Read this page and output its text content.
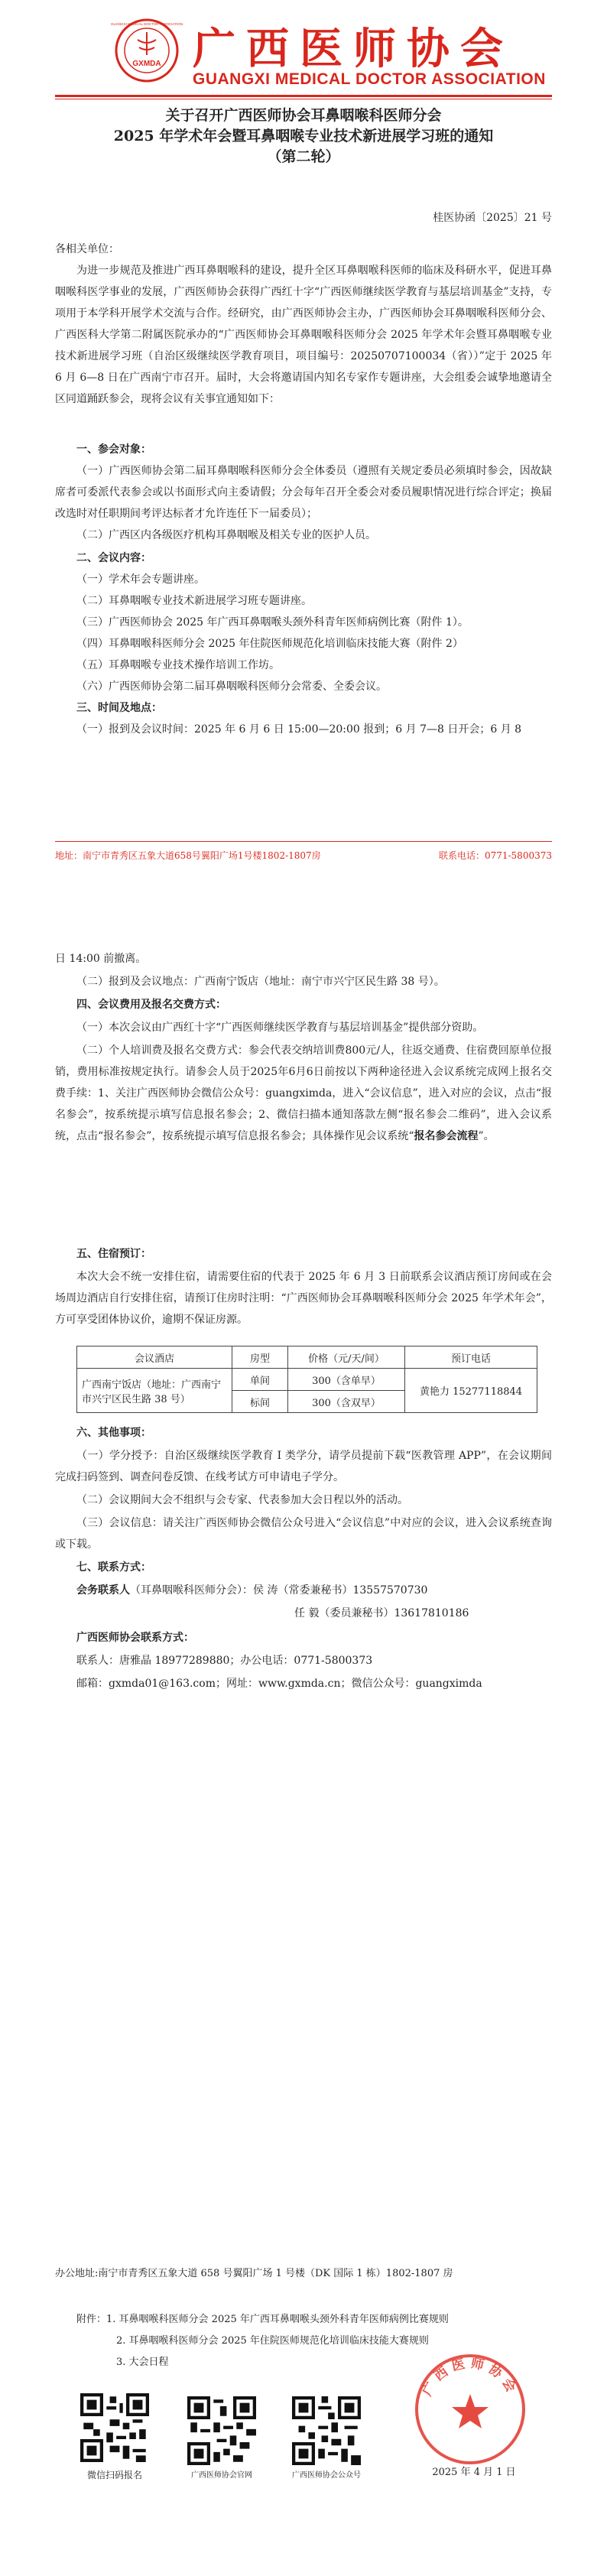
GXMDA
GUANGXI MEDICAL DOCTOR ASSOCIATION 广西医师协会
GUANGXI MEDICAL DOCTOR ASSOCIATION
关于召开广西医师协会耳鼻咽喉科医师分会
2025 年学术年会暨耳鼻咽喉专业技术新进展学习班的通知
（第二轮）
桂医协函〔2025〕21 号
各相关单位：
为进一步规范及推进广西耳鼻咽喉科的建设，提升全区耳鼻咽喉科医师的临床及科研水平，促进耳鼻咽喉科医学事业的发展，广西医师协会获得广西红十字“广西医师继续医学教育与基层培训基金”支持，专项用于本学科开展学术交流与合作。经研究，由广西医师协会主办，广西医师协会耳鼻咽喉科医师分会、广西医科大学第二附属医院承办的“广西医师协会耳鼻咽喉科医师分会 2025 年学术年会暨耳鼻咽喉专业技术新进展学习班（自治区级继续医学教育项目，项目编号：2025070710003​4（省））”定于 2025 年 6 月 6—8 日在广西南宁市召开。届时，大会将邀请国内知名专家作专题讲座，大会组委会诚挚地邀请全区同道踊跃参会，现将会议有关事宜通知如下：
一、参会对象：
（一）广西医师协会第二届耳鼻咽喉科医师分会全体委员（遵照有关规定委员必须填时参会，因故缺席者可委派代表参会或以书面形式向主委请假；分会每年召开全委会对委员履职情况进行综合评定；换届改选时对任职期间考评达标者才允许连任下一届委员）；
（二）广西区内各级医疗机构耳鼻咽喉及相关专业的医护人员。
二、会议内容：
（一）学术年会专题讲座。
（二）耳鼻咽喉专业技术新进展学习班专题讲座。
（三）广西医师协会 2025 年广西耳鼻咽喉头颈外科青年医师病例比赛（附件 1）。
（四）耳鼻咽喉科医师分会 2025 年住院医师规范化培训临床技能大赛（附件 2）
（五）耳鼻咽喉专业技术操作培训工作坊。
（六）广西医师协会第二届耳鼻咽喉科医师分会常委、全委会议。
三、时间及地点：
（一）报到及会议时间：2025 年 6 月 6 日 15:00—20:00 报到；6 月 7—8 日开会；6 月 8
地址：南宁市青秀区五象大道658号翼阳广场1号楼1802-1807房	联系电话：0771-5800373
日 14:00 前撤离。
（二）报到及会议地点：广西南宁饭店（地址：南宁市兴宁区民生路 38 号）。
四、会议费用及报名交费方式：
（一）本次会议由广西红十字“广西医师继续医学教育与基层培训基金”提供部分资助。
（二）个人培训费及报名交费方式：参会代表交纳培训费800元/人，往返交通费、住宿费回原单位报销，费用标准按规定执行。请参会人员于2025年6月6日前按以下两种途径进入会议系统完成网上报名交费手续：1、关注广西医师协会微信公众号：guangximda，进入“会议信息”，进入对应的会议，点击“报名参会”，按系统提示填写信息报名参会；2、微信扫描本通知落款左侧“报名参会二维码”，进入会议系统，点击“报名参会”，按系统提示填写信息报名参会；具体操作见会议系统“报名参会流程”。
五、住宿预订：
本次大会不统一安排住宿，请需要住宿的代表于 2025 年 6 月 3 日前联系会议酒店预订房间或在会场周边酒店自行安排住宿，请预订住房时注明：“广西医师协会耳鼻咽喉科医师分会 2025 年学术年会”，方可享受团体协议价，逾期不保证房源。
会议酒店	房型	价格（元/天/间）	预订电话
广西南宁饭店（地址：广西南宁市兴宁区民生路 38 号）	单间	300（含单早）	黄艳力 15277118844
	标间	300（含双早）	
六、其他事项：
（一）学分授予：自治区级继续医学教育 I 类学分，请学员提前下载“医教管理 APP”，在会议期间完成扫码签到、调查问卷反馈、在线考试方可申请电子学分。
（二）会议期间大会不组织与会专家、代表参加大会日程以外的活动。
（三）会议信息：请关注广西医师协会微信公众号进入“会议信息”中对应的会议，进入会议系统查询或下载。
七、联系方式：
会务联系人（耳鼻咽喉科医师分会）：侯 涛（常委兼秘书）13557570730
任 毅（委员兼秘书）13617810186
广西医师协会联系方式：
联系人：唐雅晶 18977289880；办公电话：0771-5800373
邮箱：gxmda01@163.com；网址：www.gxmda.cn；微信公众号：guangximda
办公地址:南宁市青秀区五象大道 658 号翼阳广场 1 号楼（DK 国际 1 栋）1802-1807 房
附件：1. 耳鼻咽喉科医师分会 2025 年广西耳鼻咽喉头颈外科青年医师病例比赛规则
2. 耳鼻咽喉科医师分会 2025 年住院医师规范化培训临床技能大赛规则
3. 大会日程
微信扫码报名	广西医师协会官网	广西医师协会公众号
广西医师协会
2025 年 4 月 1 日
